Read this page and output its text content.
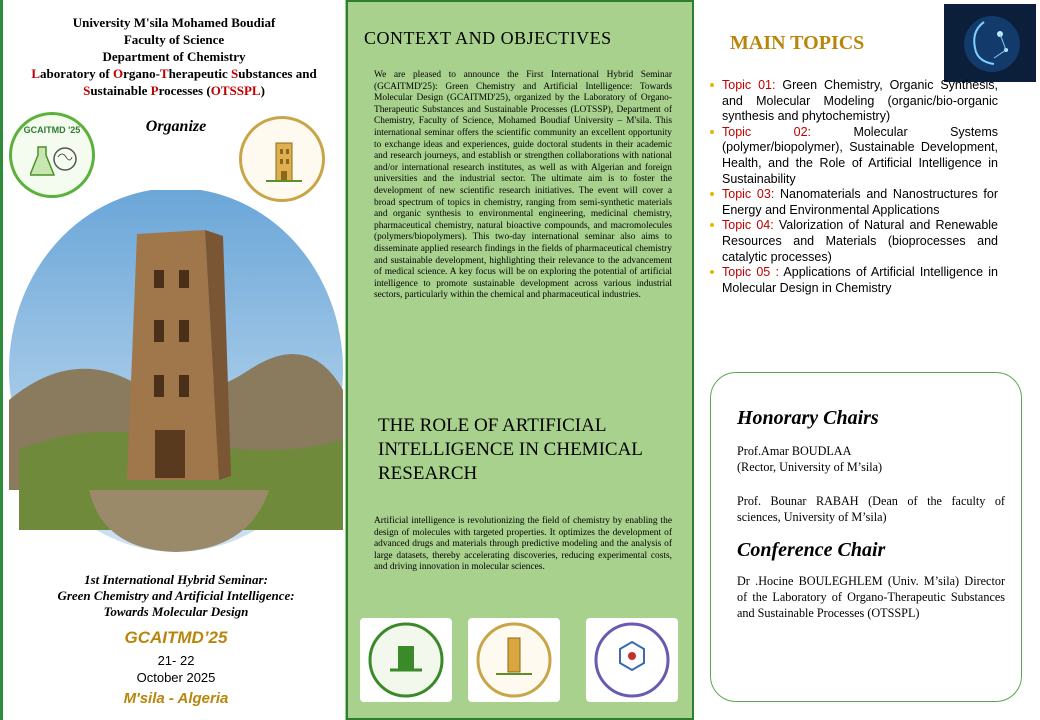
University M'sila Mohamed Boudiaf
Faculty of Science
Department of Chemistry
Laboratory of Organo-Therapeutic Substances and
Sustainable Processes (OTSSPL)
Organize
GCAITMD '25
1st International Hybrid Seminar:
Green Chemistry and Artificial Intelligence:
Towards Molecular Design
GCAITMD’25
21- 22
October 2025
M'sila - Algeria
CONTEXT AND OBJECTIVES
We are pleased to announce the First International Hybrid Seminar (GCAITMD'25): Green Chemistry and Artificial Intelligence: Towards Molecular Design (GCAITMD'25), organized by the Laboratory of Organo-Therapeutic Substances and Sustainable Processes (LOTSSP), Department of Chemistry, Faculty of Science, Mohamed Boudiaf University – M'sila. This international seminar offers the scientific community an excellent opportunity to exchange ideas and experiences, guide doctoral students in their academic and research journeys, and establish or strengthen collaborations with national and/or international research institutes, as well as with Algerian and foreign universities and the industrial sector. The ultimate aim is to foster the development of new scientific research initiatives. The event will cover a broad spectrum of topics in chemistry, ranging from semi-synthetic materials and organic synthesis to environmental engineering, medicinal chemistry, pharmaceutical chemistry, natural bioactive compounds, and macromolecules (polymers/biopolymers). This two-day international seminar also aims to disseminate applied research findings in the fields of pharmaceutical chemistry and sustainable development, highlighting their relevance to the advancement of medical science. A key focus will be on exploring the potential of artificial intelligence to promote sustainable development across various industrial sectors, particularly within the chemical and pharmaceutical industries.
THE ROLE OF ARTIFICIAL INTELLIGENCE IN CHEMICAL RESEARCH
Artificial intelligence is revolutionizing the field of chemistry by enabling the design of molecules with targeted properties. It optimizes the development of advanced drugs and materials through predictive modeling and the analysis of large datasets, thereby accelerating discoveries, reducing experimental costs, and driving innovation in molecular sciences.
MAIN TOPICS
Topic 01: Green Chemistry, Organic Synthesis, and Molecular Modeling (organic/bio-organic synthesis and phytochemistry)
Topic 02: Molecular Systems (polymer/biopolymer), Sustainable Development, Health, and the Role of Artificial Intelligence in Sustainability
Topic 03: Nanomaterials and Nanostructures for Energy and Environmental Applications
Topic 04: Valorization of Natural and Renewable Resources and Materials (bioprocesses and catalytic processes)
Topic 05 : Applications of Artificial Intelligence in Molecular Design in Chemistry
Honorary Chairs
Prof.Amar BOUDLAA
(Rector, University of M’sila)
Prof. Bounar RABAH (Dean of the faculty of sciences, University of M’sila)
Conference Chair
Dr .Hocine BOULEGHLEM (Univ. M’sila) Director of the Laboratory of Organo-Therapeutic Substances and Sustainable Processes (OTSSPL)
